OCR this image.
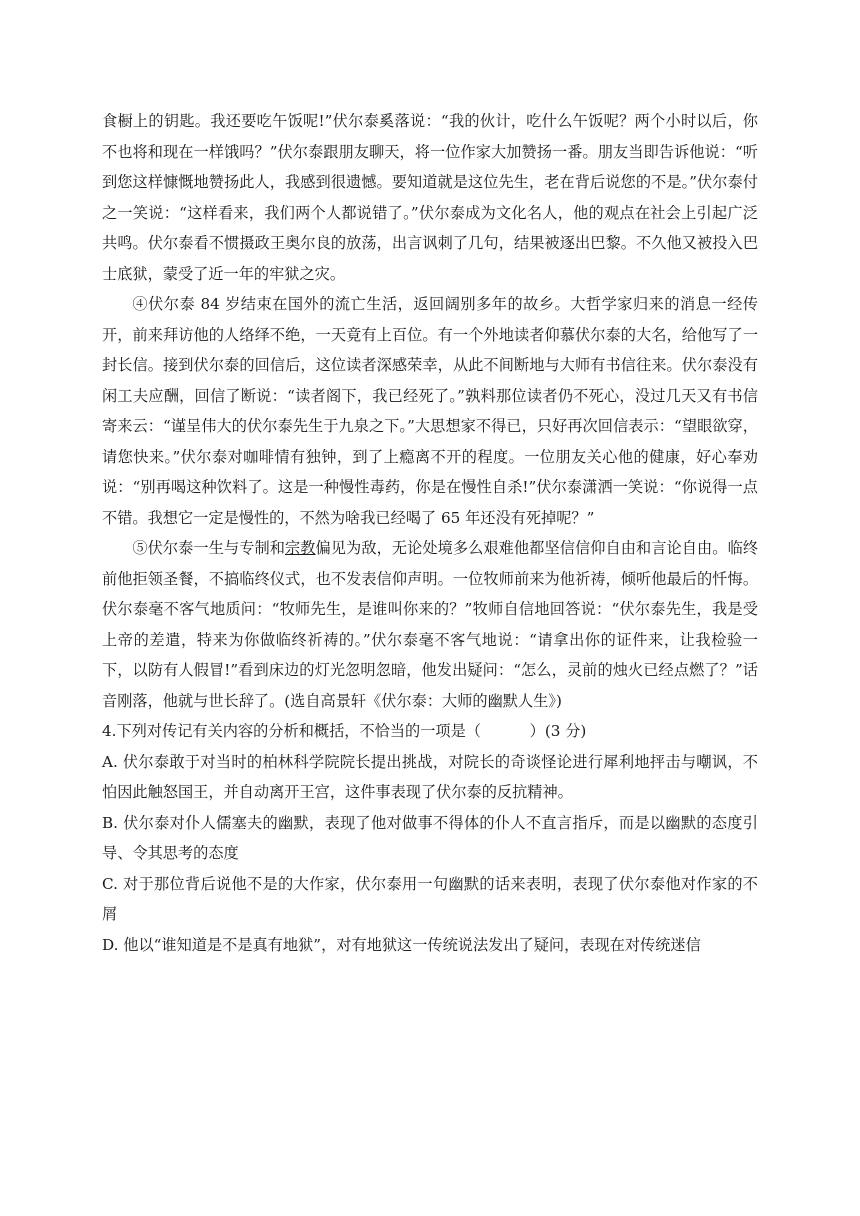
食橱上的钥匙。我还要吃午饭呢!”伏尔泰奚落说：“我的伙计，吃什么午饭呢？两个小时以后，你不也将和现在一样饿吗？”伏尔泰跟朋友聊天，将一位作家大加赞扬一番。朋友当即告诉他说：“听到您这样慷慨地赞扬此人，我感到很遗憾。要知道就是这位先生，老在背后说您的不是。”伏尔泰付之一笑说：“这样看来，我们两个人都说错了。”伏尔泰成为文化名人，他的观点在社会上引起广泛共鸣。伏尔泰看不惯摄政王奥尔良的放荡，出言讽刺了几句，结果被逐出巴黎。不久他又被投入巴士底狱，蒙受了近一年的牢狱之灾。

④伏尔泰 84 岁结束在国外的流亡生活，返回阔别多年的故乡。大哲学家归来的消息一经传开，前来拜访他的人络绎不绝，一天竟有上百位。有一个外地读者仰慕伏尔泰的大名，给他写了一封长信。接到伏尔泰的回信后，这位读者深感荣幸，从此不间断地与大师有书信往来。伏尔泰没有闲工夫应酬，回信了断说：“读者阁下，我已经死了。”孰料那位读者仍不死心，没过几天又有书信寄来云：“谨呈伟大的伏尔泰先生于九泉之下。”大思想家不得已，只好再次回信表示：“望眼欲穿，请您快来。”伏尔泰对咖啡情有独钟，到了上瘾离不开的程度。一位朋友关心他的健康，好心奉劝说：“别再喝这种饮料了。这是一种慢性毒药，你是在慢性自杀!”伏尔泰潇洒一笑说：“你说得一点不错。我想它一定是慢性的，不然为啥我已经喝了 65 年还没有死掉呢？”

⑤伏尔泰一生与专制和宗教偏见为敌，无论处境多么艰难他都坚信信仰自由和言论自由。临终前他拒领圣餐，不搞临终仪式，也不发表信仰声明。一位牧师前来为他祈祷，倾听他最后的忏悔。伏尔泰毫不客气地质问：“牧师先生，是谁叫你来的？”牧师自信地回答说：“伏尔泰先生，我是受上帝的差遣，特来为你做临终祈祷的。”伏尔泰毫不客气地说：“请拿出你的证件来，让我检验一下，以防有人假冒!”看到床边的灯光忽明忽暗，他发出疑问：“怎么，灵前的烛火已经点燃了？”话音刚落，他就与世长辞了。(选自高景轩《伏尔泰：大师的幽默人生》)

4.下列对传记有关内容的分析和概括，不恰当的一项是（	）(3 分)

A. 伏尔泰敢于对当时的柏林科学院院长提出挑战，对院长的奇谈怪论进行犀利地抨击与嘲讽，不怕因此触怒国王，并自动离开王宫，这件事表现了伏尔泰的反抗精神。

B. 伏尔泰对仆人儒塞夫的幽默，表现了他对做事不得体的仆人不直言指斥，而是以幽默的态度引导、令其思考的态度

C. 对于那位背后说他不是的大作家，伏尔泰用一句幽默的话来表明，表现了伏尔泰他对作家的不屑

D. 他以“谁知道是不是真有地狱”，对有地狱这一传统说法发出了疑问，表现在对传统迷信
